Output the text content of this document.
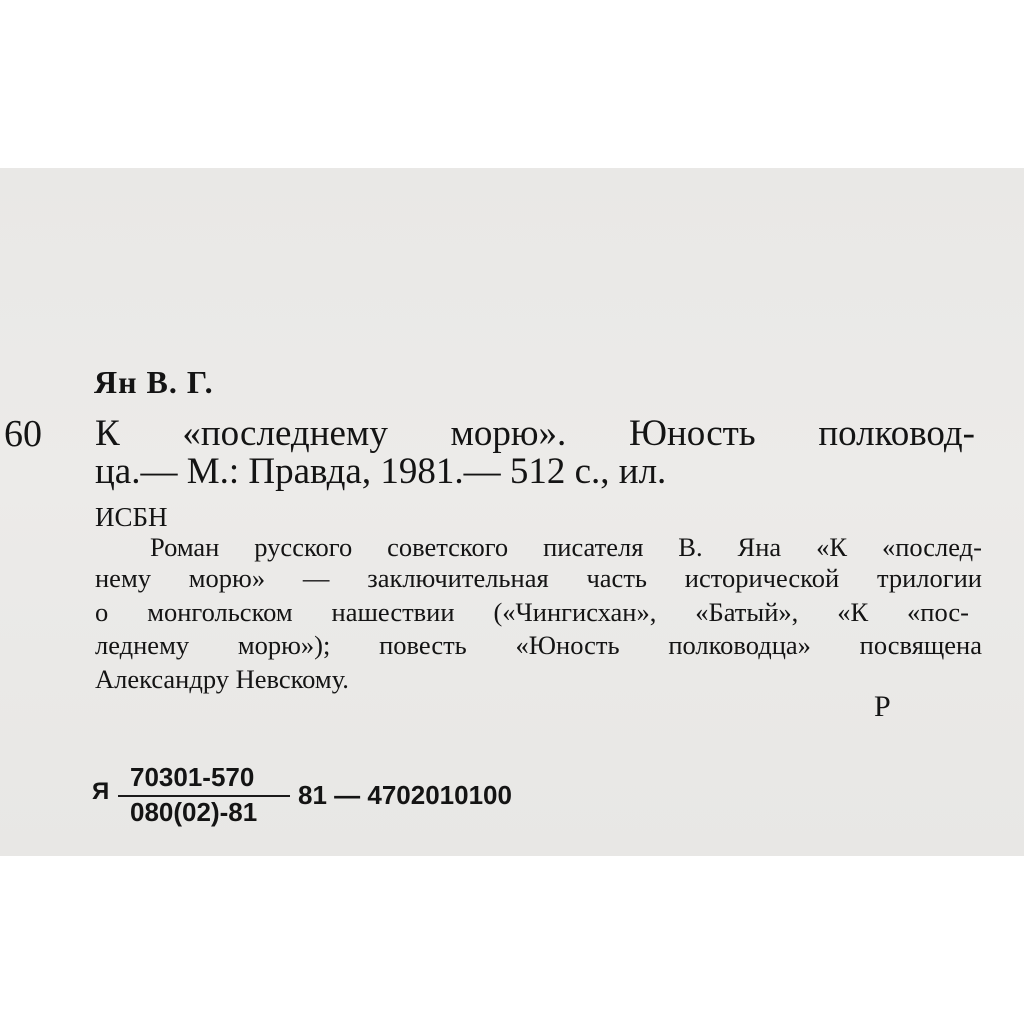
Ян В. Г.

60 К «последнему морю». Юность полковод-

ца.— М.: Правда, 1981.— 512 с., ил.

ИСБН

Роман русского советского писателя В. Яна «К «послед-

нему морю» — заключительная часть исторической трилогии

о монгольском нашествии («Чингисхан», «Батый», «К «пос-

леднему морю»); повесть «Юность полководца» посвящена

Александру Невскому.

Р

Я 70301-570

080(02)-81

81 — 4702010100
